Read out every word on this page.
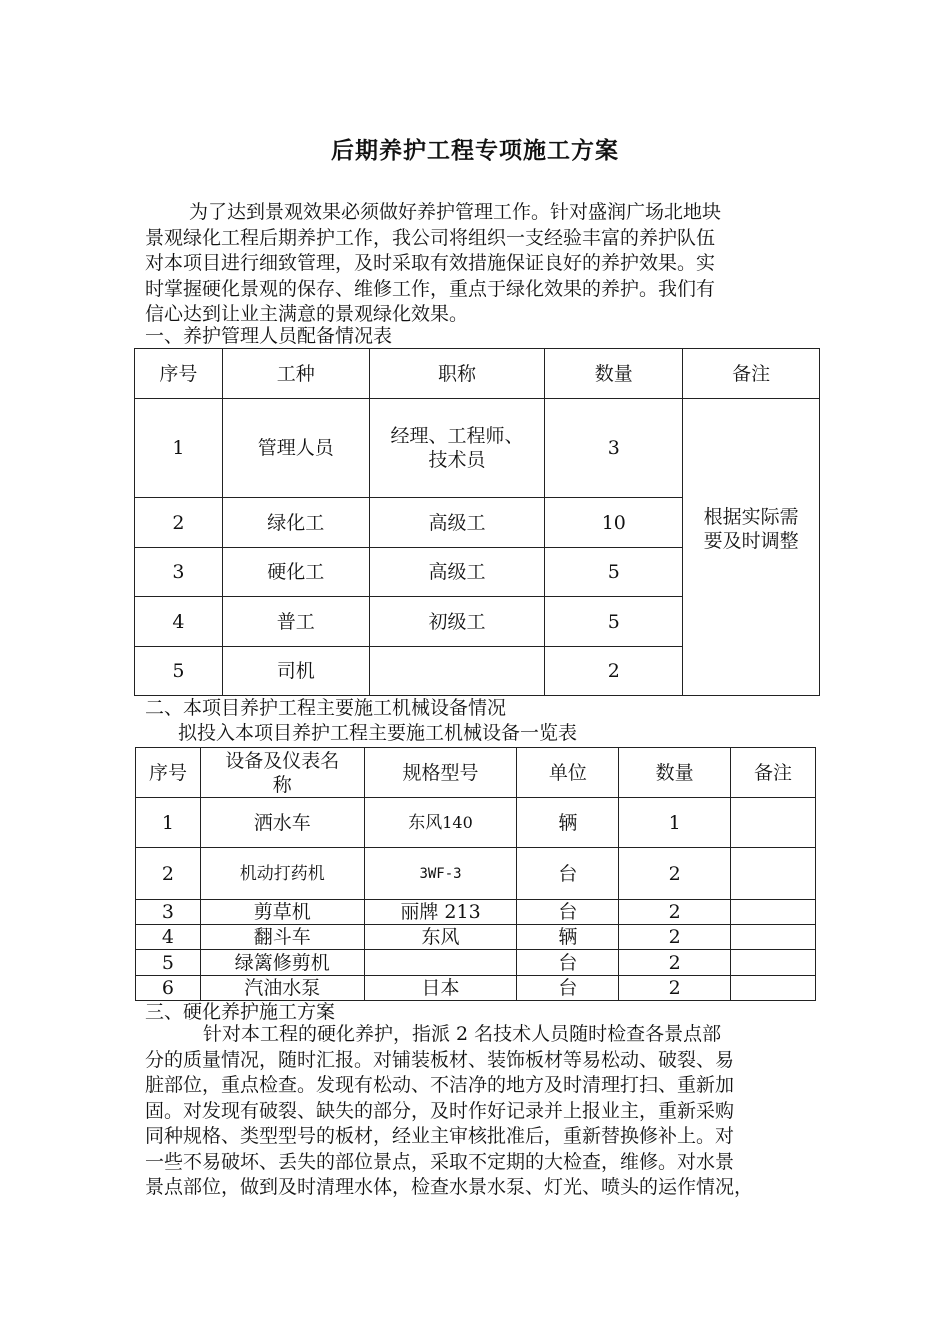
后期养护工程专项施工方案

为了达到景观效果必须做好养护管理工作。针对盛润广场北地块
景观绿化工程后期养护工作，我公司将组织一支经验丰富的养护队伍
对本项目进行细致管理，及时采取有效措施保证良好的养护效果。实
时掌握硬化景观的保存、维修工作，重点于绿化效果的养护。我们有
信心达到让业主满意的景观绿化效果。

一、养护管理人员配备情况表
序号	工种	职称	数量	备注
1	管理人员	经理、工程师、
技术员	3	根据实际需
要及时调整

2	绿化工	高级工	10	
3	硬化工	高级工	5	
4	普工	初级工	5	
5	司机		2	
二、本项目养护工程主要施工机械设备情况
拟投入本项目养护工程主要施工机械设备一览表
序号	设备及仪表名
称	规格型号	单位	数量	备注
1	洒水车	东风140	辆	1	
2	机动打药机	3WF-3	台	2	
3	剪草机	丽牌 213	台	2	
4	翻斗车	东风	辆	2	
5	绿篱修剪机		台	2	
6	汽油水泵	日本	台	2	
三、硬化养护施工方案

针对本工程的硬化养护，指派 2 名技术人员随时检查各景点部
分的质量情况，随时汇报。对铺装板材、装饰板材等易松动、破裂、易
脏部位，重点检查。发现有松动、不洁净的地方及时清理打扫、重新加
固。对发现有破裂、缺失的部分，及时作好记录并上报业主，重新采购
同种规格、类型型号的板材，经业主审核批准后，重新替换修补上。对
一些不易破坏、丢失的部位景点，采取不定期的大检查，维修。对水景
景点部位，做到及时清理水体，检查水景水泵、灯光、喷头的运作情况，
